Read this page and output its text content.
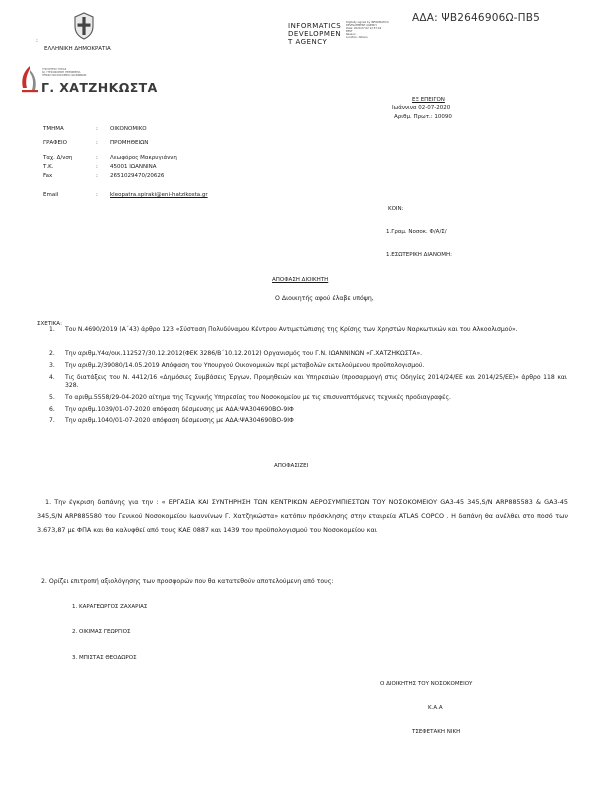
:
ΕΛΛΗΝΙΚΗ ΔΗΜΟΚΡΑΤΙΑ
INFORMATICS
DEVELOPMEN
T AGENCY
Digitally signed by INFORMATICS
DEVELOPMENT AGENCY
Date: 2020.07.02 12:57:44
EEST
Reason:
Location: Athens
ΑΔΑ: ΨΒ2646906Ω-ΠΒ5
ΥΠΟΥΡΓΕΙΟ ΥΓΕΙΑΣ
6η ΥΓΕΙΟΝΟΜΙΚΗ ΠΕΡΙΦΕΡΕΙΑ
ΓΕΝΙΚΟ ΝΟΣΟΚΟΜΕΙΟ ΙΩΑΝΝΙΝΩΝ
Γ. ΧΑΤΖΗΚΩΣΤΑ
ΕΞ ΕΠΕΙΓΟΝ
Ιωάννινα 02-07-2020
Αριθμ. Πρωτ.: 10090
ΤΜΗΜΑ	: ΟΙΚΟΝΟΜΙΚΟ
ΓΡΑΦΕΙΟ	: ΠΡΟΜΗΘΕΙΩΝ
Ταχ. Δ/νση	: Λεωφόρος Μακρυγιάννη
Τ.Κ.	: 45001 ΙΩΑΝΝΙΝΑ
Fax	: 2651029470/20626
Email	: kleopatra.spiraki@eni-hatzikosta.gr
ΚΟΙΝ:
1.Γραμ. Νοσοκ. Φ/Α/Σ/
1.ΕΣΩΤΕΡΙΚΗ ΔΙΑΝΟΜΗ:
ΑΠΟΦΑΣΗ ΔΙΟΙΚΗΤΗ
Ο Διοικητής αφού έλαβε υπόψη,
ΣΧΕΤΙΚΑ:
1. Του Ν.4690/2019 (Α΄43) άρθρο 123 «Σύσταση Πολυδύναμου Κέντρου Αντιμετώπισης της Κρίσης των Χρηστών Ναρκωτικών και του Αλκοολισμού».
2. Την αριθμ.Υ4α/οικ.112527/30.12.2012(ΦΕΚ 3286/Β΄10.12.2012) Οργανισμός του Γ.Ν. ΙΩΑΝΝΙΝΩΝ «Γ.ΧΑΤΖΗΚΩΣΤΑ».
3. Την αριθμ.2/39080/14.05.2019 Απόφαση του Υπουργού Οικονομικών περί μεταβολών εκτελούμενου προϋπολογισμού.
4. Τις διατάξεις του Ν. 4412/16 «Δημόσιες Συμβάσεις Έργων, Προμηθειών και Υπηρεσιών (προσαρμογή στις Οδηγίες 2014/24/ΕΕ και 2014/25/ΕΕ)» άρθρο 118 και 328.
5. Το αριθμ.5558/29-04-2020 αίτημα της Τεχνικής Υπηρεσίας του Νοσοκομείου με τις επισυναπτόμενες τεχνικές προδιαγραφές.
6. Την αριθμ.1039/01-07-2020 απόφαση δέσμευσης με ΑΔΑ:ΨΑ304690ΒΟ-9ΙΦ
7. Την αριθμ.1040/01-07-2020 απόφαση δέσμευσης με ΑΔΑ:ΨΑ304690ΒΟ-9ΙΦ
ΑΠΟΦΑΣΙΖΕΙ
1. Την έγκριση δαπάνης για την : « ΕΡΓΑΣΙΑ ΚΑΙ ΣΥΝΤΗΡΗΣΗ ΤΩΝ ΚΕΝΤΡΙΚΩΝ ΑΕΡΟΣΥΜΠΙΕΣΤΩΝ ΤΟΥ ΝΟΣΟΚΟΜΕΙΟΥ GA3-45 345,S/N ARP885583 & GA3-45 345,S/N ARP885580 του Γενικού Νοσοκομείου Ιωαννίνων Γ. Χατζηκώστα» κατόπιν πρόσκλησης στην εταιρεία ATLAS COPCO . Η δαπάνη θα ανέλθει στο ποσό των 3.673,87 με ΦΠΑ και θα καλυφθεί από τους ΚΑΕ 0887 και 1439 του προϋπολογισμού του Νοσοκομείου και
2. Ορίζει επιτροπή αξιολόγησης των προσφορών που θα κατατεθούν αποτελούμενη από τους:
1. ΚΑΡΑΓΕΩΡΓΟΣ ΖΑΧΑΡΙΑΣ
2. ΟΙΚΙΜΑΣ ΓΕΩΡΓΙΟΣ
3. ΜΠΙΣΤΑΣ ΘΕΟΔΩΡΟΣ
Ο ΔΙΟΙΚΗΤΗΣ ΤΟΥ ΝΟΣΟΚΟΜΕΙΟΥ
Κ.Α.Α
ΤΣΕΦΕΤΑΚΗ ΝΙΚΗ
